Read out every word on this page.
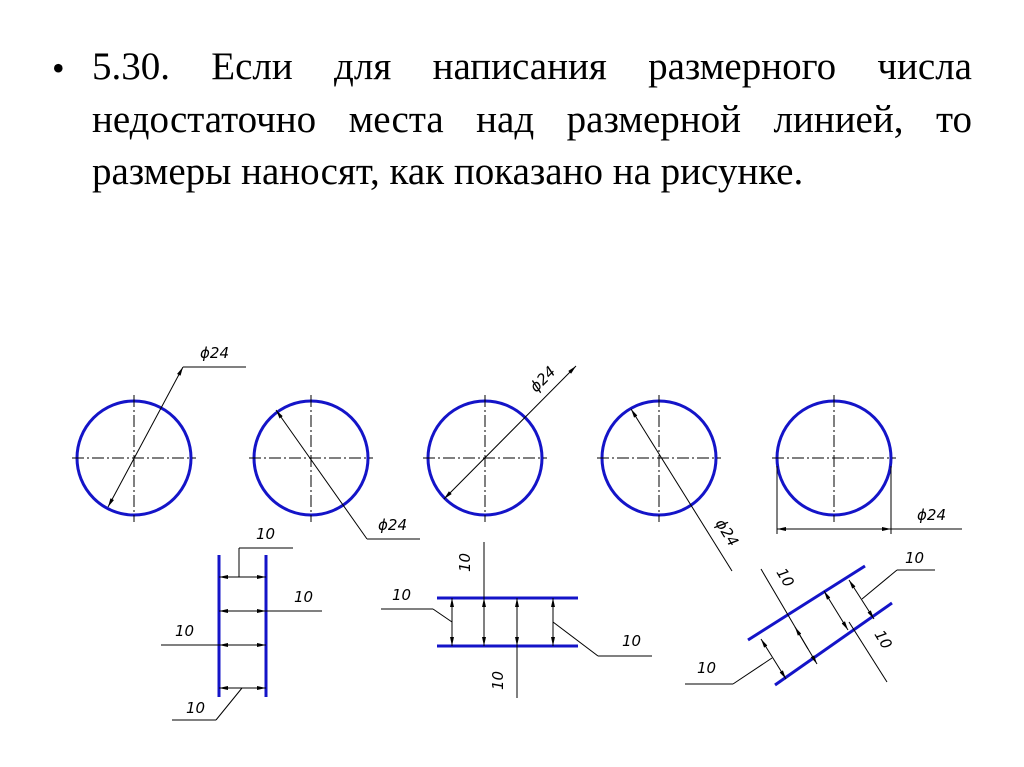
• 5.30. Если для написания размерного числа недостаточно места над размерной линией, то размеры наносят, как показано на рисунке.
ϕ24
ϕ24
ϕ24
ϕ24
ϕ24
10
10
10
10
10
10
10
10
10
10
10
10
